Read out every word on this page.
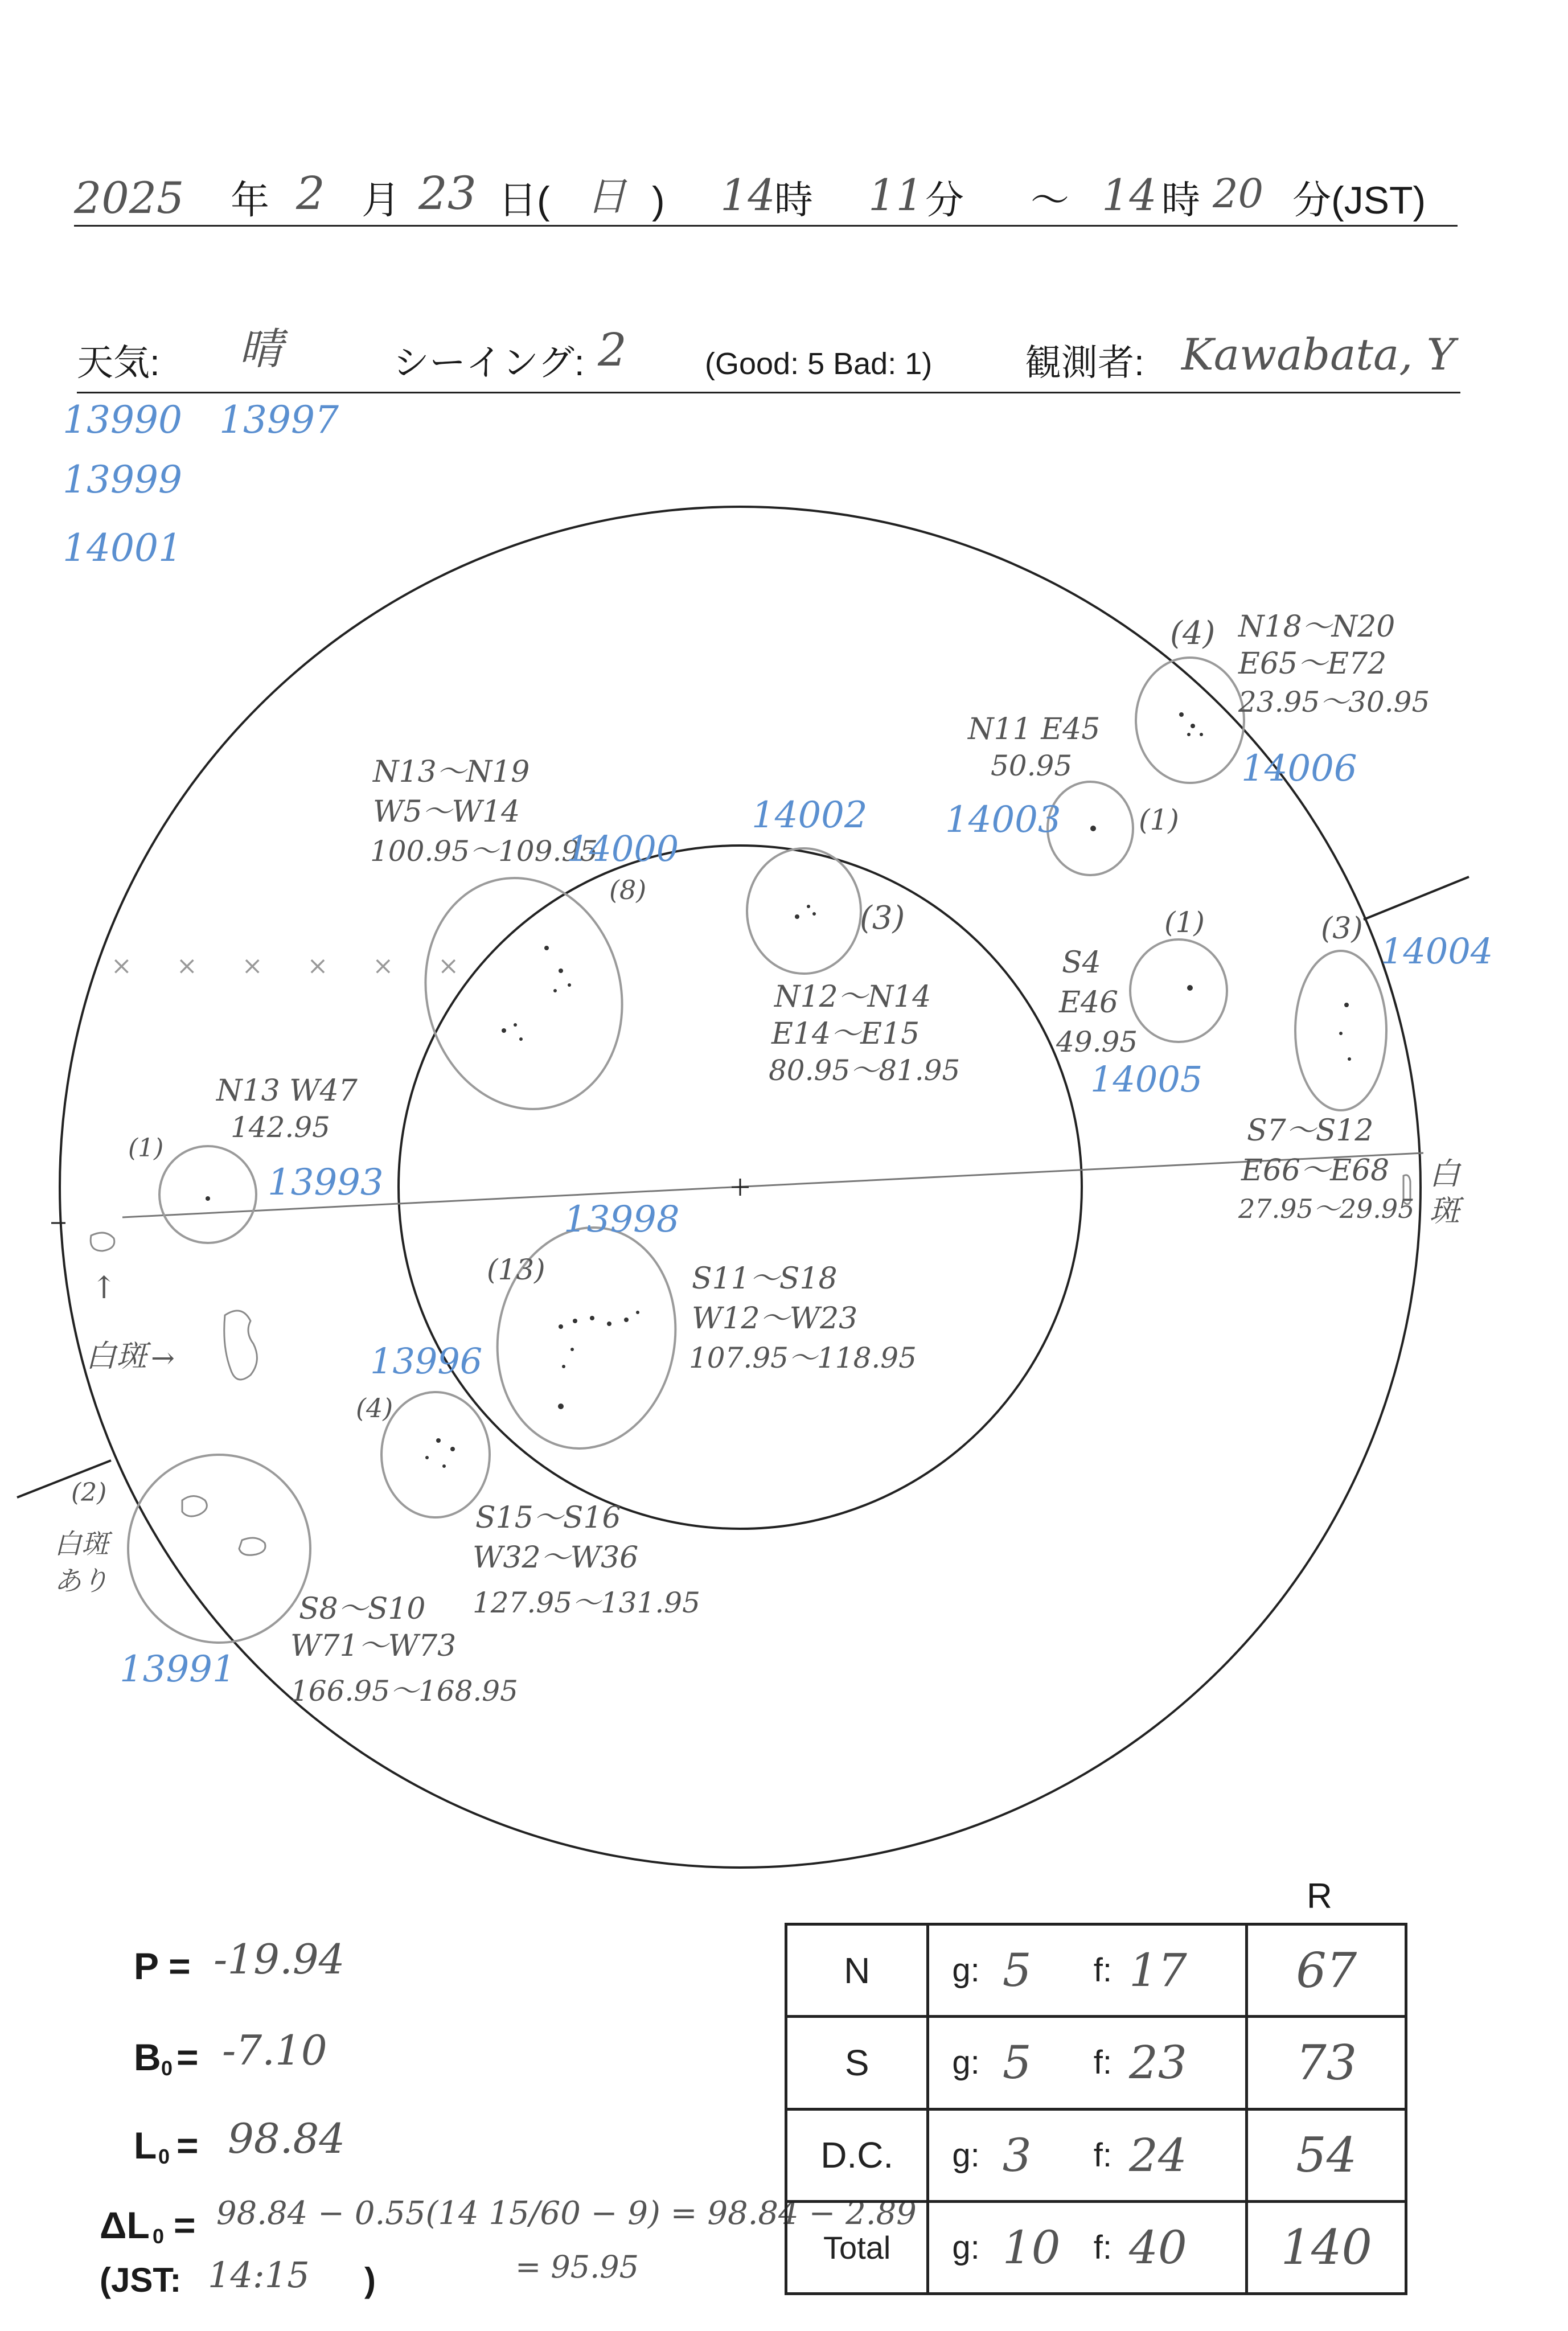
2025 年 2 月 23 日( 日 ) 14
時 11 分 ～ 14 時 20 分(JST)
天気: 晴	シーイング: 2	(Good: 5 Bad: 1)	観測者: Kawabata, Y
13990 13997
13999
14001
(4) N18～N20
E65～E72
23.95～30.95
14006
N11 E45
50.95
14003	(1)
N13～N19
W5～W14
100.95～109.95
14000
(8)
14002
(3)
N12～N14
E14～E15
80.95～81.95
(1)
S4
E46
49.95
14005
(3)
14004
S7～S12
E66～E68
27.95～29.95
N13 W47
142.95
(1)
13993
13998
(13)	S11～S18
W12～W23
107.95～118.95
13996
(4)
S15～S16
W32～W36
127.95～131.95
(2)
S8～S10
W71～W73
166.95～168.95
13991
× × × × × ×
↑
白斑 →
白斑あり
白斑
P = -19.94
B 0 = -7.10
L 0 = 98.84
ΔL 0 = 98.84 − 0.55(14 15/60 − 9) = 98.84 − 2.89
= 95.95
(JST: 14:15 )
R
N	g: 5 f: 17	67
S	g: 5 f: 23	73
D.C.	g: 3 f: 24	54
Total	g: 10 f: 40	140
